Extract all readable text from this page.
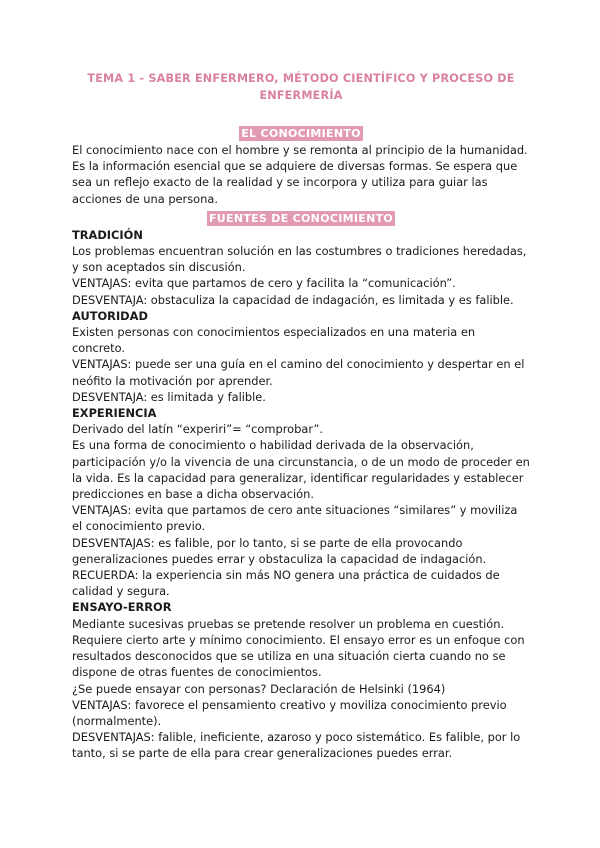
TEMA 1 - SABER ENFERMERO, MÉTODO CIENTÍFICO Y PROCESO DE ENFERMERÍA

EL CONOCIMIENTO

El conocimiento nace con el hombre y se remonta al principio de la humanidad. Es la información esencial que se adquiere de diversas formas. Se espera que sea un reflejo exacto de la realidad y se incorpora y utiliza para guiar las acciones de una persona.

FUENTES DE CONOCIMIENTO

TRADICIÓN

Los problemas encuentran solución en las costumbres o tradiciones heredadas, y son aceptados sin discusión.

VENTAJAS: evita que partamos de cero y facilita la “comunicación”.

DESVENTAJA: obstaculiza la capacidad de indagación, es limitada y es falible.

AUTORIDAD

Existen personas con conocimientos especializados en una materia en concreto.

VENTAJAS: puede ser una guía en el camino del conocimiento y despertar en el neófito la motivación por aprender.

DESVENTAJA: es limitada y falible.

EXPERIENCIA

Derivado del latín “experiri”= “comprobar”.

Es una forma de conocimiento o habilidad derivada de la observación, participación y/o la vivencia de una circunstancia, o de un modo de proceder en la vida. Es la capacidad para generalizar, identificar regularidades y establecer predicciones en base a dicha observación.

VENTAJAS: evita que partamos de cero ante situaciones “similares” y moviliza el conocimiento previo.

DESVENTAJAS: es falible, por lo tanto, si se parte de ella provocando generalizaciones puedes errar y obstaculiza la capacidad de indagación.

RECUERDA: la experiencia sin más NO genera una práctica de cuidados de calidad y segura.

ENSAYO-ERROR

Mediante sucesivas pruebas se pretende resolver un problema en cuestión. Requiere cierto arte y mínimo conocimiento. El ensayo error es un enfoque con resultados desconocidos que se utiliza en una situación cierta cuando no se dispone de otras fuentes de conocimientos.

¿Se puede ensayar con personas? Declaración de Helsinki (1964)

VENTAJAS: favorece el pensamiento creativo y moviliza conocimiento previo (normalmente).

DESVENTAJAS: falible, ineficiente, azaroso y poco sistemático. Es falible, por lo tanto, si se parte de ella para crear generalizaciones puedes errar.
